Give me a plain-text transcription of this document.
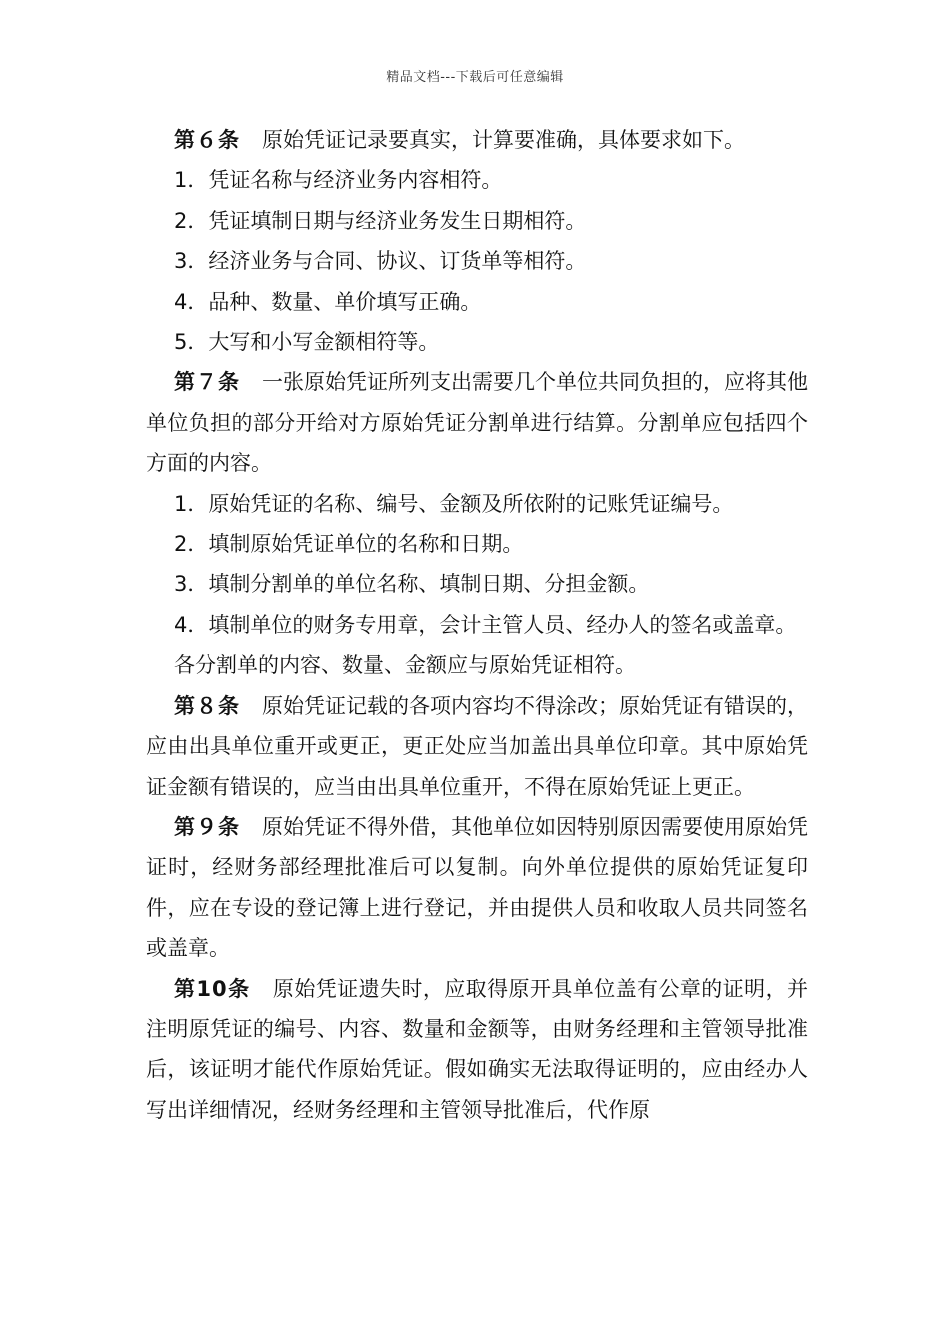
精品文档---下载后可任意编辑

第６条 原始凭证记录要真实，计算要准确，具体要求如下。

1．凭证名称与经济业务内容相符。

2．凭证填制日期与经济业务发生日期相符。

3．经济业务与合同、协议、订货单等相符。

4．品种、数量、单价填写正确。

5．大写和小写金额相符等。

第７条 一张原始凭证所列支出需要几个单位共同负担的，应将其他单位负担的部分开给对方原始凭证分割单进行结算。分割单应包括四个方面的内容。

1．原始凭证的名称、编号、金额及所依附的记账凭证编号。

2．填制原始凭证单位的名称和日期。

3．填制分割单的单位名称、填制日期、分担金额。

4．填制单位的财务专用章，会计主管人员、经办人的签名或盖章。

各分割单的内容、数量、金额应与原始凭证相符。

第８条 原始凭证记载的各项内容均不得涂改；原始凭证有错误的，应由出具单位重开或更正，更正处应当加盖出具单位印章。其中原始凭证金额有错误的，应当由出具单位重开，不得在原始凭证上更正。

第９条 原始凭证不得外借，其他单位如因特别原因需要使用原始凭证时，经财务部经理批准后可以复制。向外单位提供的原始凭证复印件，应在专设的登记簿上进行登记，并由提供人员和收取人员共同签名或盖章。

第10条 原始凭证遗失时，应取得原开具单位盖有公章的证明，并注明原凭证的编号、内容、数量和金额等，由财务经理和主管领导批准后，该证明才能代作原始凭证。假如确实无法取得证明的，应由经办人写出详细情况，经财务经理和主管领导批准后，代作原
